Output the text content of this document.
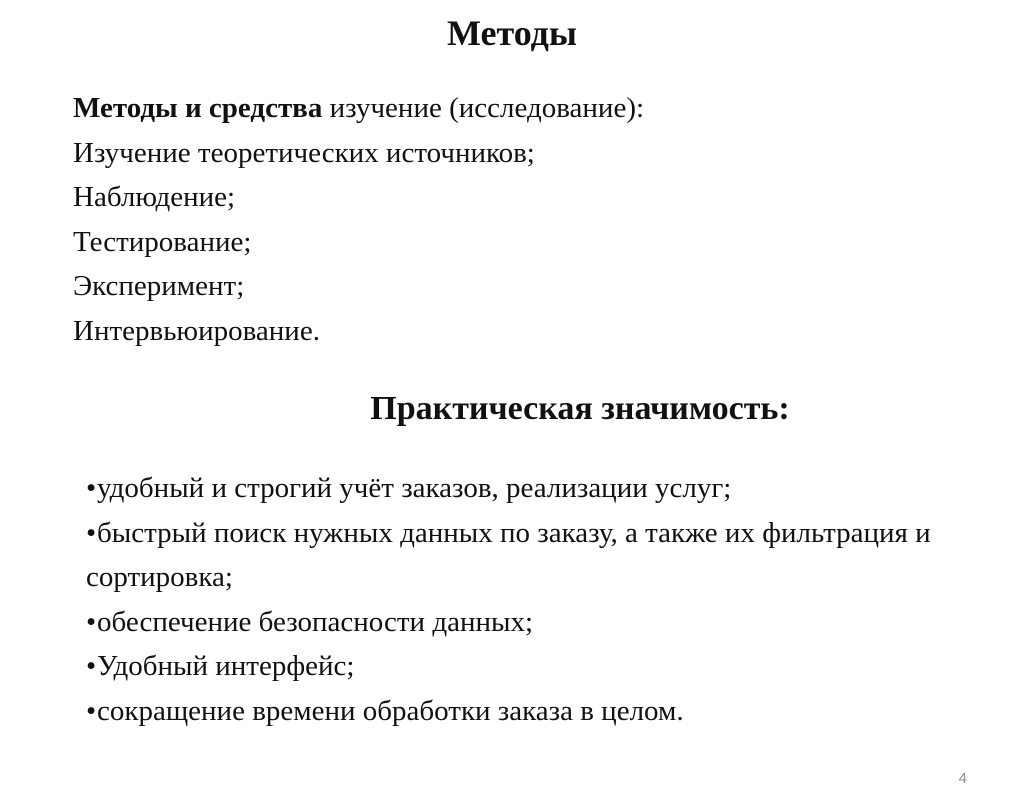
Методы
Методы и средства изучение (исследование):
Изучение теоретических источников;
Наблюдение;
Тестирование;
Эксперимент;
Интервьюирование.
Практическая значимость:
•удобный и строгий учёт заказов, реализации услуг;
•быстрый поиск нужных данных по заказу, а также их фильтрация и сортировка;
•обеспечение безопасности данных;
•Удобный интерфейс;
•сокращение времени обработки заказа в целом.
4
